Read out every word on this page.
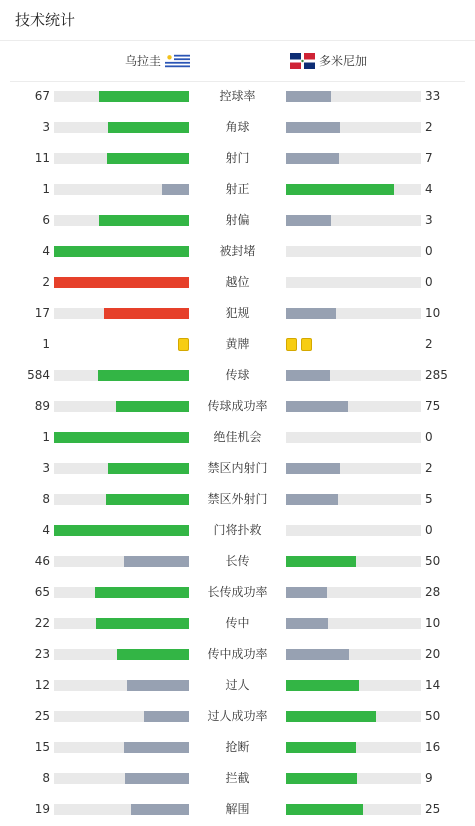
技术统计
乌拉圭	多米尼加
67	控球率	33
3	角球	2
11	射门	7
1	射正	4
6	射偏	3
4	被封堵	0
2	越位	0
17	犯规	10
1	黄牌	2
584	传球	285
89	传球成功率	75
1	绝佳机会	0
3	禁区内射门	2
8	禁区外射门	5
4	门将扑救	0
46	长传	50
65	长传成功率	28
22	传中	10
23	传中成功率	20
12	过人	14
25	过人成功率	50
15	抢断	16
8	拦截	9
19	解围	25
